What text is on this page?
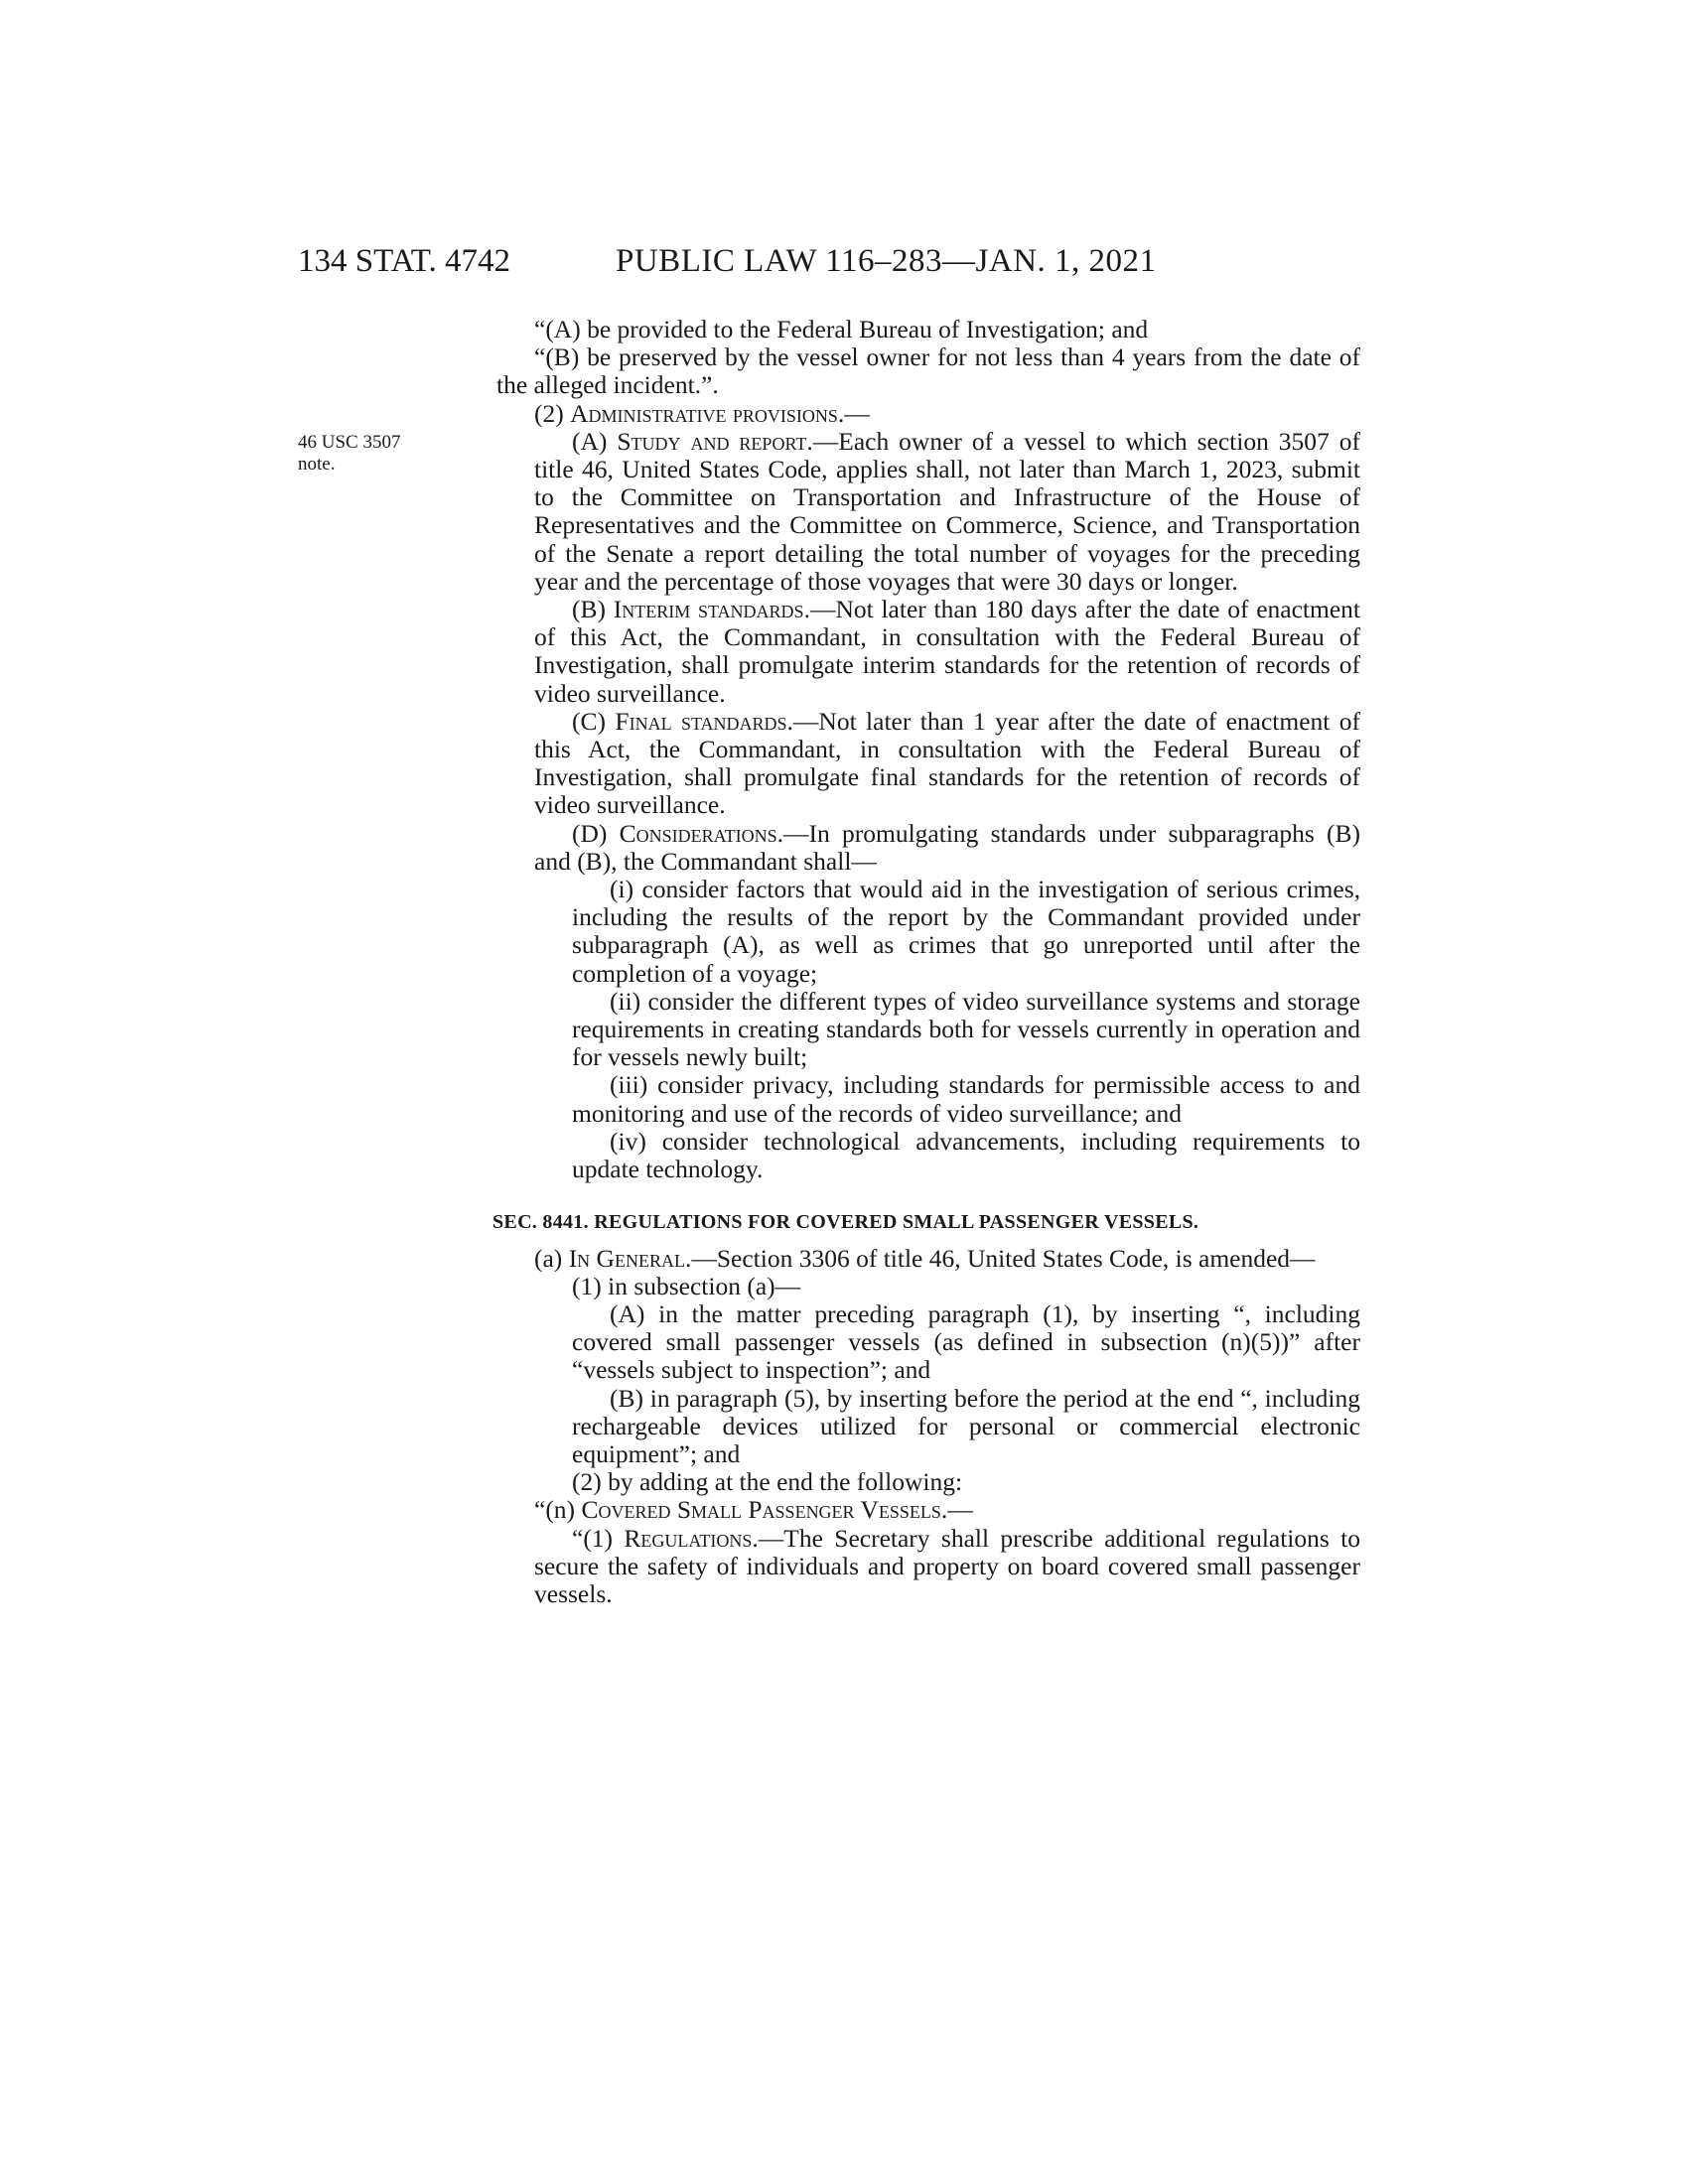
134 STAT. 4742	PUBLIC LAW 116–283—JAN. 1, 2021
46 USC 3507
note.

“(A) be provided to the Federal Bureau of Investigation; and

“(B) be preserved by the vessel owner for not less than 4 years from the date of the alleged incident.”.

(2) Administrative provisions.—

(A) Study and report.—Each owner of a vessel to which section 3507 of title 46, United States Code, applies shall, not later than March 1, 2023, submit to the Committee on Transportation and Infrastructure of the House of Representatives and the Committee on Commerce, Science, and Transportation of the Senate a report detailing the total number of voyages for the preceding year and the percentage of those voyages that were 30 days or longer.

(B) Interim standards.—Not later than 180 days after the date of enactment of this Act, the Commandant, in consultation with the Federal Bureau of Investigation, shall promulgate interim standards for the retention of records of video surveillance.

(C) Final standards.—Not later than 1 year after the date of enactment of this Act, the Commandant, in consultation with the Federal Bureau of Investigation, shall promulgate final standards for the retention of records of video surveillance.

(D) Considerations.—In promulgating standards under subparagraphs (B) and (B), the Commandant shall—

(i) consider factors that would aid in the investigation of serious crimes, including the results of the report by the Commandant provided under subparagraph (A), as well as crimes that go unreported until after the completion of a voyage;

(ii) consider the different types of video surveillance systems and storage requirements in creating standards both for vessels currently in operation and for vessels newly built;

(iii) consider privacy, including standards for permissible access to and monitoring and use of the records of video surveillance; and

(iv) consider technological advancements, including requirements to update technology.

SEC. 8441. REGULATIONS FOR COVERED SMALL PASSENGER VESSELS.

(a) In General.—Section 3306 of title 46, United States Code, is amended—

(1) in subsection (a)—

(A) in the matter preceding paragraph (1), by inserting “, including covered small passenger vessels (as defined in subsection (n)(5))” after “vessels subject to inspection”; and

(B) in paragraph (5), by inserting before the period at the end “, including rechargeable devices utilized for personal or commercial electronic equipment”; and

(2) by adding at the end the following:

“(n) Covered Small Passenger Vessels.—

“(1) Regulations.—The Secretary shall prescribe additional regulations to secure the safety of individuals and property on board covered small passenger vessels.
